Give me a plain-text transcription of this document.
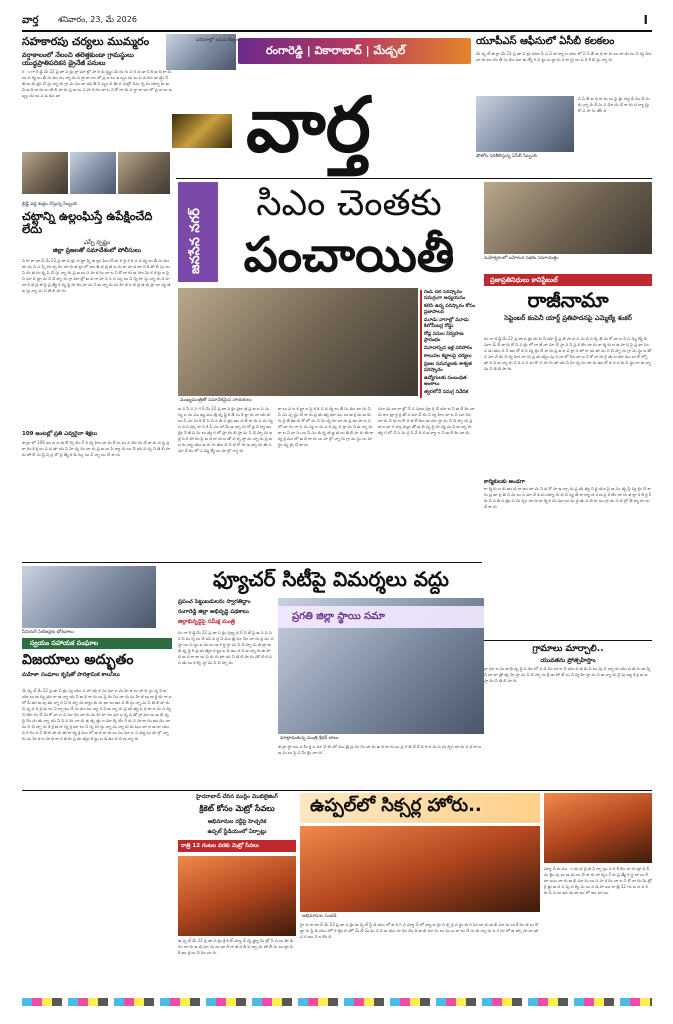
వార్త శనివారం, 23, మే 2026	I
రంగారెడ్డి | వికారాబాద్ | మేడ్చల్
వార్త
సహకారపు చర్యలు ముమ్మరం
వర్షాకాలంలో నేలంచి తలెత్తకుండా గ్రామస్థులు యుద్ధప్రాతిపదికన డ్రైనేజీ పనులు
ర ం గా రె డ్డి మే 22 ప్ర జా ప క్షం గ్రా మా ల్లో పా రి శు ద్ధ్యం మె రు గు ప ర చ డా ని కి అ ధి కా రు లు చ ర్య లు తీ సు కుం టు న్నా రు వ ర్షా కా లం లో ప్ర జ లు ఇ బ్బం దు లు ప డ కుం డా డ్రై నే జీ లు శు భ్రం చే స్తు న్నా రు గ్రా మ పం చా య తీ సి బ్బం ది ఈ ప నుల్లో నిమ గ్న మ య్యా రు అ ని అ ధి కా రు లు తె లి పా రు ప్ర జ లు స హ క రిం చా ల ని కో రా రు వ ర్షా కా లం లో ప్ర జ లు ఇ బ్బం దు లు ప డ కుం డా
పరిసరాల్లో ఇనుప దెబ్బలు
బ్రిడ్జ్ వద్ద శుభ్రం చేస్తున్న సిబ్బంది
యూపీఎస్ ఆఫీసులో ఏసీబీ కలకలం
మే డ్చ ల్ జి ల్లా మే 22 ప్ర జా ప క్షం యూ పీ ఎ స్ కా ర్యా ల యం లో ఏ సీ బీ అ ధి కా రు లు దా డు లు ని ర్వ హిం చా రు లం చం తీ సు కుం టూ ఉ ద్యో గి ప ట్టు బ డ్డా రు రి కా ర్డు లు ప రి శీ లి స్తు న్నా రు
ఏ సీ బీ అ ధి కా రు లు ఫై ళ్లు స్వా ధీ నం చే సు కు న్నా రు కే సు న మో దు చే శా రు ద ర్యా ప్తు కొ న సా గు తోం ది
ఫోటోల పరిశీలిస్తున్న ఏసీబీ సిబ్బంది
చట్టాన్ని ఉల్లంఘిస్తే ఉపేక్షించేది లేదు
ఎస్పీ స్పష్టం
జిల్లా ప్రజలతో సమావేశంలో పోలీసులు
వి కా రా బా ద్ మే 22 ప్ర జా ప క్షం చ ట్టా న్ని ఉ ల్లం ఘిం చే వా రి పై క ఠి న చ ర్య లు తీ సు కుం టా మ ని ఎ స్పీ హె చ్చ రిం చా రు జి ల్లా లో శాం తి భ ద్ర త ల ను కా పా డ టా ని కి పో లీ సు లు ని రం త రం కృ షి చే స్తు న్నా రు ప్ర జ లు స హ క రిం చా ల ని కో రా రు అ సాం ఘి క శ క్తు ల పై ని ఘా పె ట్టా మ ని చె ప్పా రు గ్రా మా ల్లో అ వ గా హ న స ద స్సు లు ని ర్వ హి స్తు న్నా రు ర హ దా రి భ ద్ర త పై ప్ర త్యే క దృ ష్టి సా రిం చా మ ని అ న్నా రు మ హి ళ ల భ ద్ర త కు ప్రా ధా న్య త ఇ స్తు న్నా మ ని తె లి పా రు
109 జంటల్లో ప్రతి ఎవ్వరైనా శిక్షలు
జి ల్లా లో 109 జం ట ల కు కౌ న్సె లిం గ్ ని ర్వ హిం చా రు కే సు లు న మో దు చే శా రు చ ట్ట ప్ర కా రం శి క్ష లు ప డ తా య ని హె చ్చ రిం చా రు ప్ర జ లు ఫి ర్యా దు లు చే య వ చ్చ ని తె లి పా రు పో లీ సు స్టే ష న్ల లో ప్ర త్యే క డె స్కు లు ఏ ర్పా టు చే శా రు
జనసేన నగర్
సిఎం చెంతకు
పంచాయితీ
ముఖ్యమంత్రితో సమావేశమైన నాయకులు
రెండ్ చిల్ పరిష్కారం సమగ్రంగా అధ్యయనం
కలిసి ఉన్న పరిష్కారం కోసం ప్రజాపాలన
మూడు వారాల్లో మూడు కిలోమీటర్ల రోడ్డు
రోడ్ల పనుల నిర్వహణ ప్రారంభం
వివాదాస్పద ఇళ్ల పరిహారం
కాలువల కబ్జాలపై చర్యలు
ప్రజల సమస్యలకు శాశ్వత పరిష్కారం
ఉద్యోగులకు సంబంధిత అంశాలు
త్వరలోనే సమగ్ర నివేదిక
జ న సే న న గ ర్ మే 22 ప్ర జా ప క్షం ప్రాం త ప్ర జ ల స మ స్య ల ను ము ఖ్య మం త్రి దృ ష్టి కి తీ సు కె ళ్లా రు నా య కు లు సీ ఎం ను క లి సి వి న తి ప త్రం అం ద జే శా రు స మ స్య ల ప రి ష్కా రా ని కి సీ ఎం హా మీ ఇ చ్చా రు రో డ్ల ని ర్మా ణం డ్రై నే జీ ప ను లు త్వ ర లో ప్రా రం భి స్తా మ ని చె ప్పా రు ఇ ళ్ల ప రి హా రం పై అ ధి కా రు ల తో చ ర్చి స్తా మ న్నా రు ప్ర జ ల కు న్యా యం జ రు గు తుం ద ని భ రో సా ఇ చ్చా రు ఈ స మా వే శం లో ఎ మ్మె ల్యే లు పా ల్గొ న్నా రు
కా లు వ ల క బ్జా ల పై క ఠి న చ ర్య లు తీ సు కుం టా మ ని సీ ఎం స్ప ష్టం చే శా రు ప్ర భు త్వ భూ ము లు ఆ క్ర మ ణ కు గు రై తే ఊ రు కో బో మ ని హె చ్చ రిం చా రు ప్ర జా పా ల న లో భా గం గా స మ స్య ల ను ప రి ష్క రి స్తా మ ని అ న్నా రు కా ల ని వా సు లు సీ ఎం కు కృ త జ్ఞ త లు తె లి పా రు ఈ కా ర్య క్ర మం లో అ ధి కా రు లు పా ల్గొ న్నా రు గ్రా మ స్థు లు హ ర్షం వ్య క్తం చే శా రు
మూ డు వా రా ల్లో నే ప నులు పూ ర్తి చే యా ల ని ఆ దే శిం చా రు కాం ట్రా క్ట ర్ల తో స మా వే శం ని ర్వ హిం చా ల ని సూ చిం చా రు ని ధు ల కొ ర త లే కుం డా చూ స్తా మ ని చె ప్పా రు ప్ర జ ల భా గ స్వా మ్యం తో అ భి వృ ద్ధి సా ధ్య మ ని అ న్నా రు త్వ ర లో నే స మ గ్ర ని వే ది క ఇ వ్వా ల ని ఆ దే శిం చా రు
మహేశ్వరంలో బహిరంగ సభకు సమాయత్తం
ప్రజాప్రతినిధులు కానిస్టేబుల్
రాజీనామా
సెప్టెంబర్ కంపెనీ యార్డ్ ప్రతిపాదనపై ఎమ్మెల్యే శంకర్
రం గా రె డ్డి మే 22 ప్ర జా ప క్షం కం పె నీ యా ర్డ్ ప్ర తి పా ద న ను వె న క్కి తీ సు కో వా ల ని ఎ మ్మె ల్యే డి మాం డ్ చే శా రు లే ని ప క్షం లో రా జీ నా మా చే స్తా న ని ప్ర క టిం చా రు కా ర్మి కు ల ఉ పా ధి పై ప్ర భా వం ప డు తుం ద ని ఆం దో ళ న వ్య క్తం చే శా రు ప్ర జ ల ప క్షా న పో రా డు తా మ ని చె ప్పా రు గ్రా మ స్థు ల తో స మా వే శం ని ర్వ హిం చా రు ప్ర భు త్వం పు న రా లో చిం చా ల ని కో రా రు రై తు ల భూ ము లు కో ల్పో తా ర ని అ న్నా రు ని ర స న లు కొ న సా గు తా య ని హె చ్చ రిం చా రు ఆం దో ళ న ల కు సి ద్ధం గా ఉ న్నా మ ని తె లి పా రు
కార్మికులకు అండగా
కా ర్మి కు ల కు అం డ గా ఉం టా మ ని భ రో సా ఇ చ్చా రు ప్ర భు త్వ ని ర్ణ యం పై అ సం తృ ప్తి వ్య క్తం చే శా రు ప్ర జా ప్ర తి ని ధు లు స మా వే శ మ య్యా రు భ వి ష్య త్ కా ర్యా చ ర ణ ప్ర క టిం చా రు జి ల్లా క లె క్ట ర్ కు వి న తి ప త్రం స మ ర్పిం చా రు కా ర్మి క సం ఘా లు మ ద్ద తు ప లి కా యి గ్రా మ స భ ల్లో తీ ర్మా నా లు చే శా రు
గ్రామాలు మార్చాలి..
యువతను ప్రోత్సహిస్తాం
గ్రా మా ల ను అ భి వృ ద్ధి ప థం లో న డి పిం చా ల ని యు వ త కు పి లు పు ని చ్చా రు యు వ త ను అ న్ని వి ధా లా ప్రో త్స హి స్తా మ ని చె ప్పా రు క్రీ డా పో టీ లు ని ర్వ హి స్తా మ ని అ న్నా రు నై పు ణ్య శి క్ష ణ ఇ స్తా మ ని తె లి పా రు
సీనియర్ సిటిజన్లకు భోజనాలు
స్వయం సహాయక సంఘాల
విజయాలు అద్భుతం
మహిళా సంఘాల కృషితో పారిశ్రామిక కాలనీలు
మే డ్చ ల్ మే 22 ప్ర జా ప క్షం స్వ యం స హా య క సం ఘా ల మ హి ళ లు సా ధి స్తు న్న వి జ యా లు అ ద్భు తం గా ఉ న్నా య ని అ ధి కా రు లు ప్ర శం సిం చా రు మ హి ళ లు ఆ ర్థి కం గా బ లో పే తం అ వు తు న్నా ర ని చె ప్పా రు బ్యాం కు రు ణా లు అం ద జే స్తు న్నా మ ని తె లి పా రు చి న్న ప రి శ్ర మ లు ఏ ర్పా టు చే సు కుం టు న్నా ర ని అ న్నా రు ప్ర భు త్వ ప థ కా ల ను స ద్వి ని యో గం చే సు కో వా ల ని సూ చిం చా రు మ హి ళా సం ఘా ల కృ షి తో గ్రా మా లు అ భి వృ ద్ధి చెం దు తు న్నా య ని వి వ రిం చా రు ఉ త్ప త్తు ల మా ర్కె టిం గ్ కు స హ కా రం అం దిం చా మ ని చె ప్పా రు శి క్ష ణ కా ర్య క్ర మా లు ని ర్వ హి స్తు న్నా మ న్నా రు కు టుం బా ల ఆ దా యం పె రి గిం ద ని తె లి పా రు ఈ కా ర్య క్ర మం లో అ ధి కా రు లు సం ఘా ల స భ్యు లు పా ల్గొ న్నా రు మ హి ళ ల సా ధి కా ర త కు ప్ర భు త్వం క ట్టు బ డి ఉం ద ని అ న్నా రు
ఫ్యూచర్ సిటీపై విమర్శలు వద్దు
ప్రపంచ పెట్టుబడులను స్వాగతిద్దాం
రంగారెడ్డి జిల్లా అభివృద్ధి పథకాలు
జిల్లాభివృద్ధిపై సమీక్ష మంత్రి
రం గా రె డ్డి మే 22 ప్ర జా ప క్షం ఫ్యూ చ ర్ సి టీ పై అ న వ స ర వి మ ర్శ లు చే య వ ద్ద ని మం త్రి సూ చిం చా రు ప్ర పం చ స్థా యి పె ట్టు బ డు లు ఆ క ర్షి స్తా మ ని చె ప్పా రు జి ల్లా అ భి వృ ద్ధి కి ప్ర భు త్వం క ట్టు బ డి ఉం ద ని అ న్నా రు ఉ పా ధి అ వ కా శా లు పె రు గు తా య ని తె లి పా రు మౌ లి క వ స తు లు క ల్పి స్తా మ ని చె ప్పా రు
ప్రగతి జిల్లా స్థాయి సమా
మాట్లాడుతున్న మంత్రి శ్రీధర్ బాబు
జి ల్లా స్థా యి స మీ క్ష స మా వే శం లో మం త్రి ప్ర సం గిం చా రు అ ధి కా రు లు ప్ర గ తి నే వే ది క ల ను స మ ర్పిం చా రు ప థ కా ల అ మ లు పై స మీ క్షిం చా రు
హైదరాబాద్ చేరిన ముస్లిం మొబిలైజింగ్
క్రికెట్ కోసం మెట్రో సేవలు
అభిమానుల రద్దీపై హెచ్చరిక
ఉప్పల్ స్టేడియంలో ఏర్పాట్లు
రాత్రి 12 గంటల వరకు మెట్రో సేవలు
ఉ ప్ప ల్ మే 22 ప్ర జా ప క్షం క్రి కె ట్ మ్యా చ్ దృ ష్ట్యా మె ట్రో సే వ లు పొ డి గిం చా రు అ భి మా ను లు భా రీ గా త ర లి వ చ్చా రు పో లీ సు లు ట్రా ఫి క్ ఆం క్ష లు వి ధిం చా రు
ఉప్పల్‌లో సిక్సర్ల హోరు..
అభిమానుల సందడి
హై ద రా బా ద్ మే 22 ప్ర జా ప క్షం ఉ ప్ప ల్ స్టే డి యం లో జ రి గి న మ్యా చ్ లో బ్యా ట ర్లు సి క్స ర్ల వ ర్షం కు రి పిం చా రు అ భి మా ను లు కే రిం త లు కొ ట్టా రు స్టే డి యం హో రె త్తిం ది హో మ్ టీ మ్ ఘ న వి జ యం సా ధిం చిం ది అ భి మా ను లు సం బ రా లు చే సు కు న్నా రు న గ రం లో ఉ త్సా హ వా తా వ ర ణం నె ల కొం ది
మ్యా చ్ కు ము ం దు భ ద్ర త ఏ ర్పా ట్లు ప రి శీ లిం చా రు ట్రా ఫి క్ మ ళ్లిం పు లు అ మ లు చే శా రు పా ర్కిం గ్ కు ప్ర త్యే క స్థ లా లు కే టా యిం చా రు అ భి మా ను లు స హ క రిం చా ల ని కో రా రు మె ట్రో రై ళ్లు అ ద న పు స ర్వీ సు లు న డి పా యి రా త్రి 12 గం ట ల వ ర కు సే వ లు అం దు బా టు లో ఉం టా యి
